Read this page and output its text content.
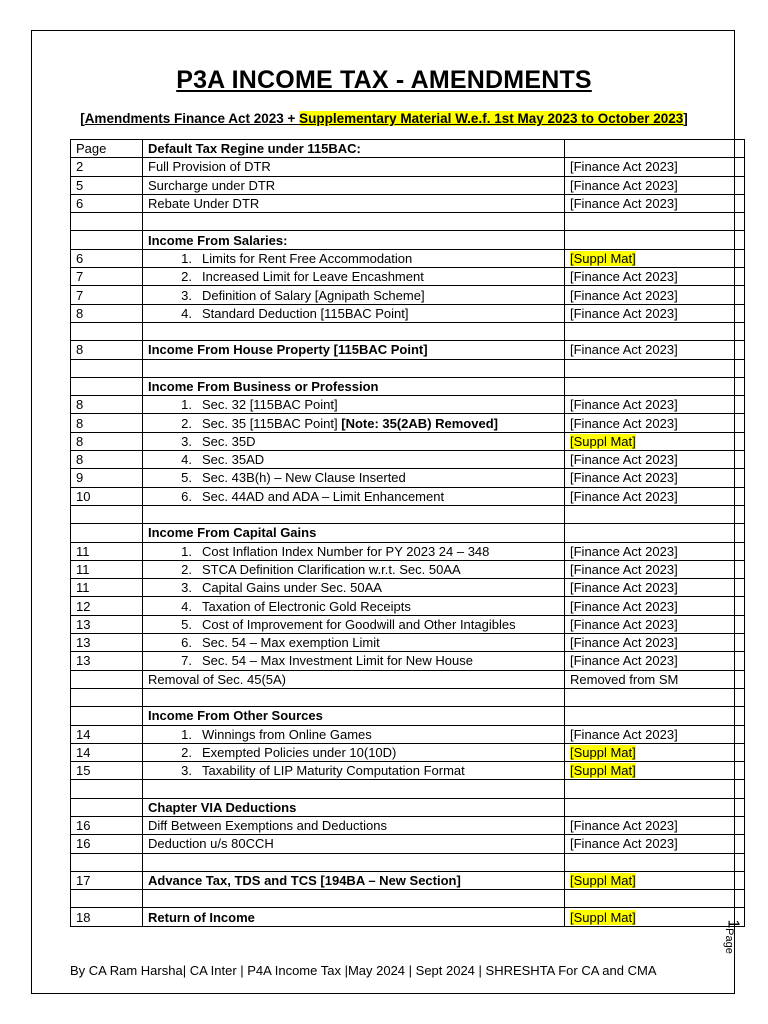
P3A INCOME TAX - AMENDMENTS
[Amendments Finance Act 2023 + Supplementary Material W.e.f. 1st May 2023 to October 2023]
Page	Default Tax Regine under 115BAC:	
2	Full Provision of DTR	[Finance Act 2023]
5	Surcharge under DTR	[Finance Act 2023]
6	Rebate Under DTR	[Finance Act 2023]

	Income From Salaries:	
6	1. Limits for Rent Free Accommodation	[Suppl Mat]
7	2. Increased Limit for Leave Encashment	[Finance Act 2023]
7	3. Definition of Salary [Agnipath Scheme]	[Finance Act 2023]
8	4. Standard Deduction [115BAC Point]	[Finance Act 2023]

8	Income From House Property [115BAC Point]	[Finance Act 2023]

	Income From Business or Profession	
8	1. Sec. 32 [115BAC Point]	[Finance Act 2023]
8	2. Sec. 35 [115BAC Point] [Note: 35(2AB) Removed]	[Finance Act 2023]
8	3. Sec. 35D	[Suppl Mat]
8	4. Sec. 35AD	[Finance Act 2023]
9	5. Sec. 43B(h) – New Clause Inserted	[Finance Act 2023]
10	6. Sec. 44AD and ADA – Limit Enhancement	[Finance Act 2023]

	Income From Capital Gains	
11	1. Cost Inflation Index Number for PY 2023 24 – 348	[Finance Act 2023]
11	2. STCA Definition Clarification w.r.t. Sec. 50AA	[Finance Act 2023]
11	3. Capital Gains under Sec. 50AA	[Finance Act 2023]
12	4. Taxation of Electronic Gold Receipts	[Finance Act 2023]
13	5. Cost of Improvement for Goodwill and Other Intagibles	[Finance Act 2023]
13	6. Sec. 54 – Max exemption Limit	[Finance Act 2023]
13	7. Sec. 54 – Max Investment Limit for New House	[Finance Act 2023]
	Removal of Sec. 45(5A)	Removed from SM

	Income From Other Sources	
14	1. Winnings from Online Games	[Finance Act 2023]
14	2. Exempted Policies under 10(10D)	[Suppl Mat]
15	3. Taxability of LIP Maturity Computation Format	[Suppl Mat]

	Chapter VIA Deductions	
16	Diff Between Exemptions and Deductions	[Finance Act 2023]
16	Deduction u/s 80CCH	[Finance Act 2023]

17	Advance Tax, TDS and TCS [194BA – New Section]	[Suppl Mat]

18	Return of Income	[Suppl Mat]
By CA Ram Harsha| CA Inter | P4A Income Tax |May 2024 | Sept 2024 | SHRESHTA For CA and CMA
1
Page
